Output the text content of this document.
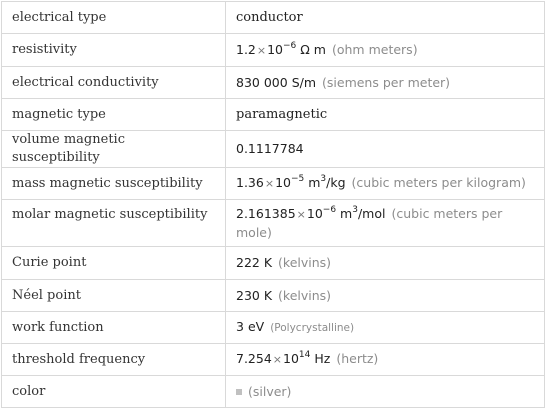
electrical type	conductor
resistivity	$1.2\times 10^{-6}$ Ω m (ohm meters)
electrical conductivity	830 000 S/m (siemens per meter)
magnetic type	paramagnetic
volume magnetic susceptibility	0.1117784
mass magnetic susceptibility	$1.36\times 10^{-5}$ $m^3/kg$ (cubic meters per kilogram)
molar magnetic susceptibility	$2.161385\times 10^{-6}$ $m^3$/mol (cubic meters per mole)
Curie point	222 K (kelvins)
Néel point	230 K (kelvins)
work function	3 eV (Polycrystalline)
threshold frequency	$7.254\times 10^{14}$ Hz (hertz)
color	(silver)
